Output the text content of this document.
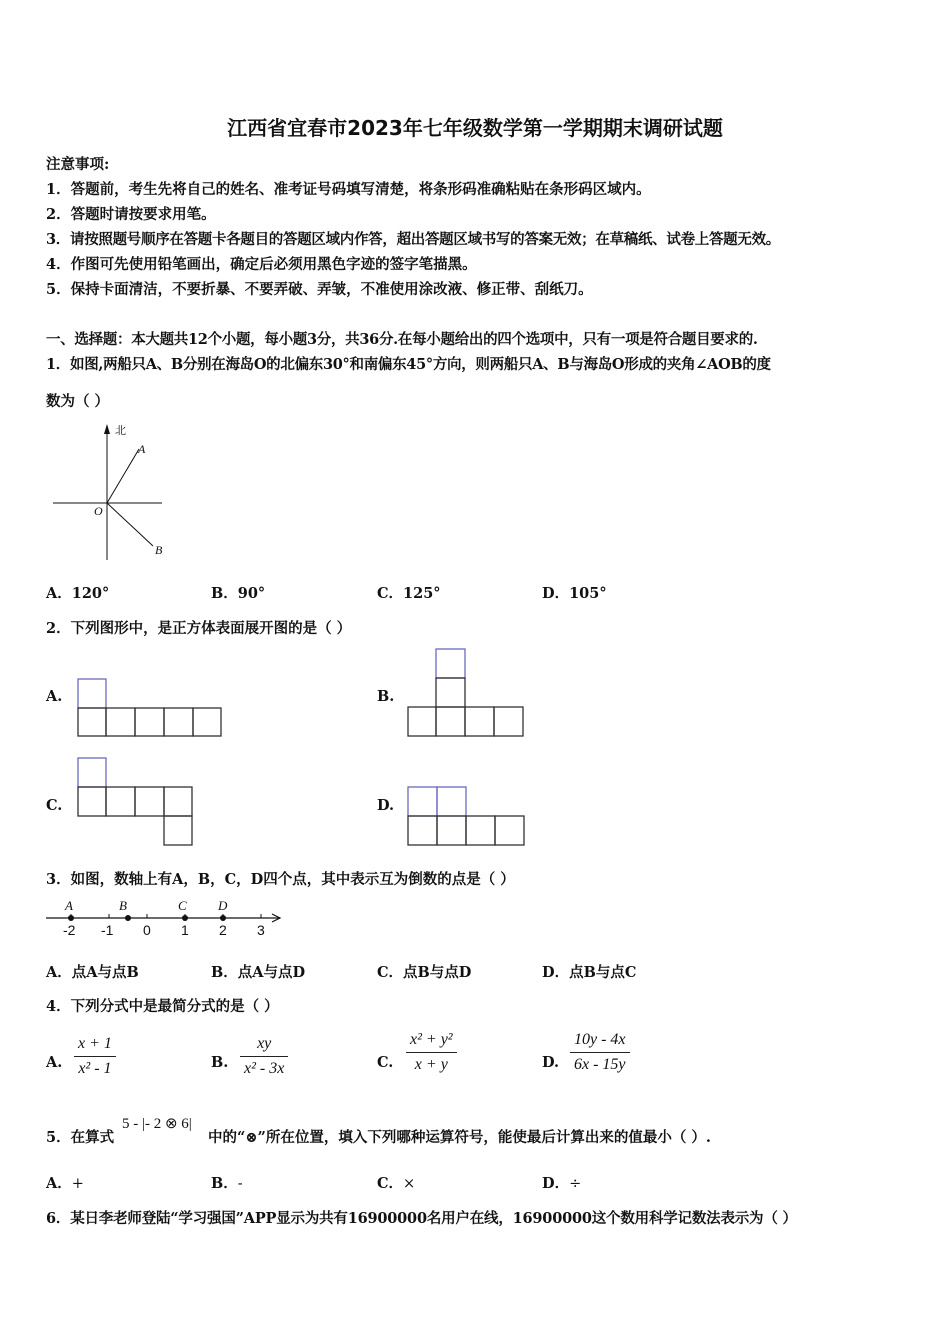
江西省宜春市2023年七年级数学第一学期期末调研试题
注意事项:
1．答题前，考生先将自己的姓名、准考证号码填写清楚，将条形码准确粘贴在条形码区域内。
2．答题时请按要求用笔。
3．请按照题号顺序在答题卡各题目的答题区域内作答，超出答题区域书写的答案无效；在草稿纸、试卷上答题无效。
4．作图可先使用铅笔画出，确定后必须用黑色字迹的签字笔描黑。
5．保持卡面清洁，不要折暴、不要弄破、弄皱，不准使用涂改液、修正带、刮纸刀。
一、选择题：本大题共12个小题，每小题3分，共36分.在每小题给出的四个选项中，只有一项是符合题目要求的.
1．如图,两船只A、B分别在海岛O的北偏东30°和南偏东45°方向，则两船只A、B与海岛O形成的夹角∠AOB的度
数为（ ）
北
A
O
B
A．120°	B．90°	C．125°	D．105°
2．下列图形中，是正方体表面展开图的是（ ）
A.	B.
C.	D.
3．如图，数轴上有A，B，C，D四个点，其中表示互为倒数的点是（ ）
A	B	C D
-2 -1 0 1 2 3
A．点A与点B	B．点A与点D	C．点B与点D	D．点B与点C
4．下列分式中是最简分式的是（ ）
A. $\frac{x + 1}{\text{x² - 1}}$	B. $\frac{xy}{\text{x² - 3x}}$	C. $\frac{\text{x² + y²}}{x + y}$	D. $\frac{10y - 4x}{6x - 15y}$
5．在算式
5 - |- 2 ⊗ 6|
中的“⊗”所在位置，填入下列哪种运算符号，能使最后计算出来的值最小（ ）.
A．+	B．-	C．×	D．÷
6．某日李老师登陆“学习强国”APP显示为共有16900000名用户在线，16900000这个数用科学记数法表示为（ ）
